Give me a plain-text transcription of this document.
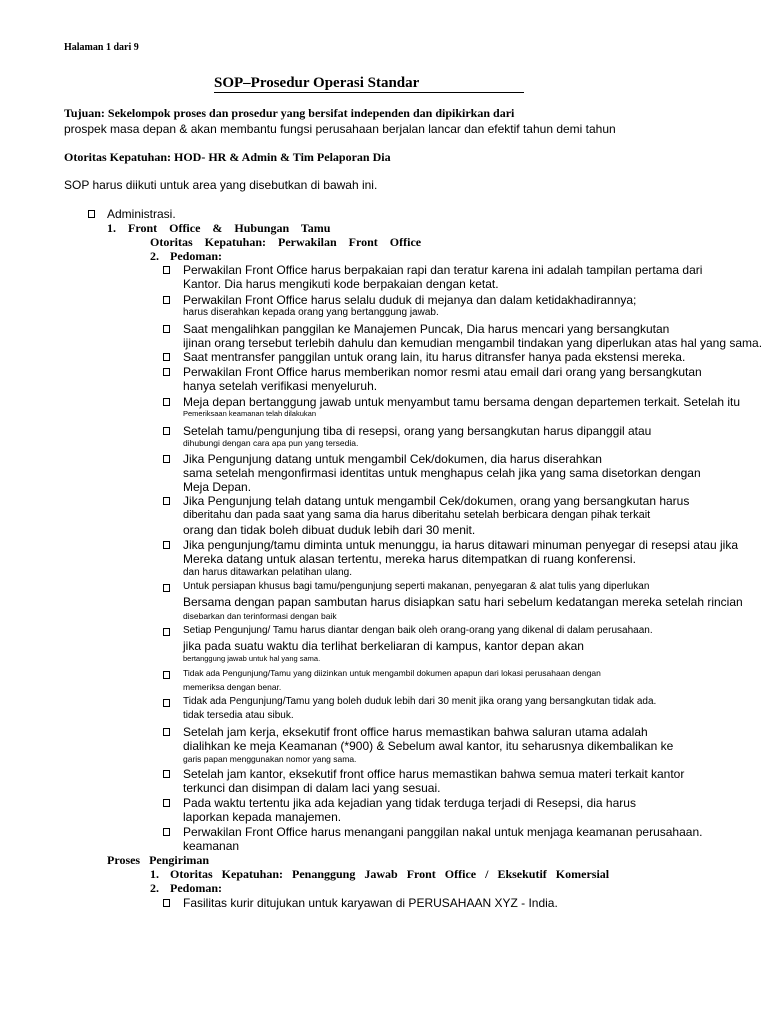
Halaman 1 dari 9
SOP–Prosedur Operasi Standar
Tujuan: Sekelompok proses dan prosedur yang bersifat independen dan dipikirkan dari
prospek masa depan & akan membantu fungsi perusahaan berjalan lancar dan efektif tahun demi tahun
Otoritas Kepatuhan: HOD- HR & Admin & Tim Pelaporan Dia
SOP harus diikuti untuk area yang disebutkan di bawah ini.
Administrasi.
1. Front Office & Hubungan Tamu
Otoritas Kepatuhan: Perwakilan Front Office
2. Pedoman:
Perwakilan Front Office harus berpakaian rapi dan teratur karena ini adalah tampilan pertama dari
Kantor. Dia harus mengikuti kode berpakaian dengan ketat.
Perwakilan Front Office harus selalu duduk di mejanya dan dalam ketidakhadirannya;
harus diserahkan kepada orang yang bertanggung jawab.
Saat mengalihkan panggilan ke Manajemen Puncak, Dia harus mencari yang bersangkutan
ijinan orang tersebut terlebih dahulu dan kemudian mengambil tindakan yang diperlukan atas hal yang sama.
Saat mentransfer panggilan untuk orang lain, itu harus ditransfer hanya pada ekstensi mereka.
Perwakilan Front Office harus memberikan nomor resmi atau email dari orang yang bersangkutan
hanya setelah verifikasi menyeluruh.
Meja depan bertanggung jawab untuk menyambut tamu bersama dengan departemen terkait. Setelah itu
Pemeriksaan keamanan telah dilakukan
Setelah tamu/pengunjung tiba di resepsi, orang yang bersangkutan harus dipanggil atau
dihubungi dengan cara apa pun yang tersedia.
Jika Pengunjung datang untuk mengambil Cek/dokumen, dia harus diserahkan
sama setelah mengonfirmasi identitas untuk menghapus celah jika yang sama disetorkan dengan
Meja Depan.
Jika Pengunjung telah datang untuk mengambil Cek/dokumen, orang yang bersangkutan harus
diberitahu dan pada saat yang sama dia harus diberitahu setelah berbicara dengan pihak terkait
orang dan tidak boleh dibuat duduk lebih dari 30 menit.
Jika pengunjung/tamu diminta untuk menunggu, ia harus ditawari minuman penyegar di resepsi atau jika
Mereka datang untuk alasan tertentu, mereka harus ditempatkan di ruang konferensi.
dan harus ditawarkan pelatihan ulang.
Untuk persiapan khusus bagi tamu/pengunjung seperti makanan, penyegaran & alat tulis yang diperlukan
Bersama dengan papan sambutan harus disiapkan satu hari sebelum kedatangan mereka setelah rincian
disebarkan dan terinformasi dengan baik
Setiap Pengunjung/ Tamu harus diantar dengan baik oleh orang-orang yang dikenal di dalam perusahaan.
jika pada suatu waktu dia terlihat berkeliaran di kampus, kantor depan akan
bertanggung jawab untuk hal yang sama.
Tidak ada Pengunjung/Tamu yang diizinkan untuk mengambil dokumen apapun dari lokasi perusahaan dengan
memeriksa dengan benar.
Tidak ada Pengunjung/Tamu yang boleh duduk lebih dari 30 menit jika orang yang bersangkutan tidak ada.
tidak tersedia atau sibuk.
Setelah jam kerja, eksekutif front office harus memastikan bahwa saluran utama adalah
dialihkan ke meja Keamanan (*900) & Sebelum awal kantor, itu seharusnya dikembalikan ke
garis papan menggunakan nomor yang sama.
Setelah jam kantor, eksekutif front office harus memastikan bahwa semua materi terkait kantor
terkunci dan disimpan di dalam laci yang sesuai.
Pada waktu tertentu jika ada kejadian yang tidak terduga terjadi di Resepsi, dia harus
laporkan kepada manajemen.
Perwakilan Front Office harus menangani panggilan nakal untuk menjaga keamanan perusahaan.
keamanan
Proses Pengiriman
1. Otoritas Kepatuhan: Penanggung Jawab Front Office / Eksekutif Komersial
2. Pedoman:
Fasilitas kurir ditujukan untuk karyawan di PERUSAHAAN XYZ - India.
